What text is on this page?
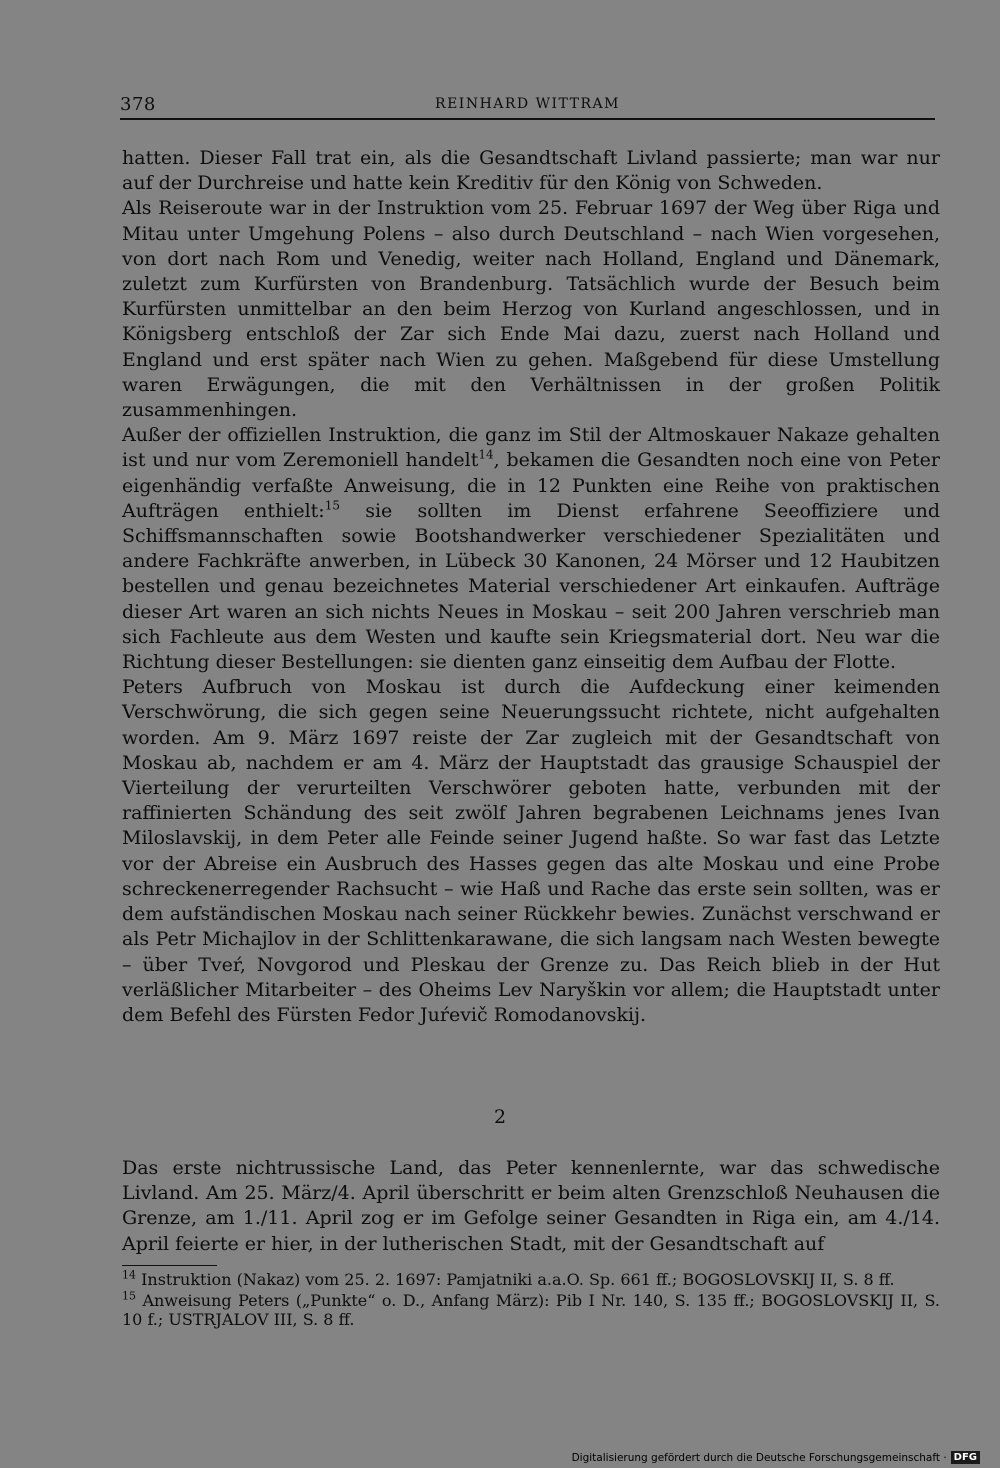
378	REINHARD WITTRAM

hatten. Dieser Fall trat ein, als die Gesandtschaft Livland passierte; man war nur auf der Durchreise und hatte kein Kreditiv für den König von Schweden.

Als Reiseroute war in der Instruktion vom 25. Februar 1697 der Weg über Riga und Mitau unter Umgehung Polens – also durch Deutschland – nach Wien vorgesehen, von dort nach Rom und Venedig, weiter nach Holland, England und Dänemark, zuletzt zum Kurfürsten von Brandenburg. Tatsächlich wurde der Besuch beim Kurfürsten unmittelbar an den beim Herzog von Kurland angeschlossen, und in Königsberg entschloß der Zar sich Ende Mai dazu, zuerst nach Holland und England und erst später nach Wien zu gehen. Maßgebend für diese Umstellung waren Erwägungen, die mit den Verhältnissen in der großen Politik zusammenhingen.

Außer der offiziellen Instruktion, die ganz im Stil der Altmoskauer Nakaze gehalten ist und nur vom Zeremoniell handelt$^{14}$, bekamen die Gesandten noch eine von Peter eigenhändig verfaßte Anweisung, die in 12 Punkten eine Reihe von praktischen Aufträgen enthielt:$^{15}$ sie sollten im Dienst erfahrene Seeoffiziere und Schiffsmannschaften sowie Bootshandwerker verschiedener Spezialitäten und andere Fachkräfte anwerben, in Lübeck 30 Kanonen, 24 Mörser und 12 Haubitzen bestellen und genau bezeichnetes Material verschiedener Art einkaufen. Aufträge dieser Art waren an sich nichts Neues in Moskau – seit 200 Jahren verschrieb man sich Fachleute aus dem Westen und kaufte sein Kriegsmaterial dort. Neu war die Richtung dieser Bestellungen: sie dienten ganz einseitig dem Aufbau der Flotte.

Peters Aufbruch von Moskau ist durch die Aufdeckung einer keimenden Verschwörung, die sich gegen seine Neuerungssucht richtete, nicht aufgehalten worden. Am 9. März 1697 reiste der Zar zugleich mit der Gesandtschaft von Moskau ab, nachdem er am 4. März der Hauptstadt das grausige Schauspiel der Vierteilung der verurteilten Verschwörer geboten hatte, verbunden mit der raffinierten Schändung des seit zwölf Jahren begrabenen Leichnams jenes Ivan Miloslavskij, in dem Peter alle Feinde seiner Jugend haßte. So war fast das Letzte vor der Abreise ein Ausbruch des Hasses gegen das alte Moskau und eine Probe schreckenerregender Rachsucht – wie Haß und Rache das erste sein sollten, was er dem aufständischen Moskau nach seiner Rückkehr bewies. Zunächst verschwand er als Petr Michajlov in der Schlittenkarawane, die sich langsam nach Westen bewegte – über Tveŕ, Novgorod und Pleskau der Grenze zu. Das Reich blieb in der Hut verläßlicher Mitarbeiter – des Oheims Lev Naryškin vor allem; die Hauptstadt unter dem Befehl des Fürsten Fedor Juŕevič Romodanovskij.

2

Das erste nichtrussische Land, das Peter kennenlernte, war das schwedische Livland. Am 25. März/4. April überschritt er beim alten Grenzschloß Neuhausen die Grenze, am 1./11. April zog er im Gefolge seiner Gesandten in Riga ein, am 4./14. April feierte er hier, in der lutherischen Stadt, mit der Gesandtschaft auf

$^{14}$ Instruktion (Nakaz) vom 25. 2. 1697: Pamjatniki a.a.O. Sp. 661 ff.; BOGOSLOVSKIJ II, S. 8 ff.

$^{15}$ Anweisung Peters („Punkte“ o. D., Anfang März): Pib I Nr. 140, S. 135 ff.; BOGOSLOVSKIJ II, S. 10 f.; USTRJALOV III, S. 8 ff.

Digitalisierung gefördert durch die Deutsche Forschungsgemeinschaft · DFG
